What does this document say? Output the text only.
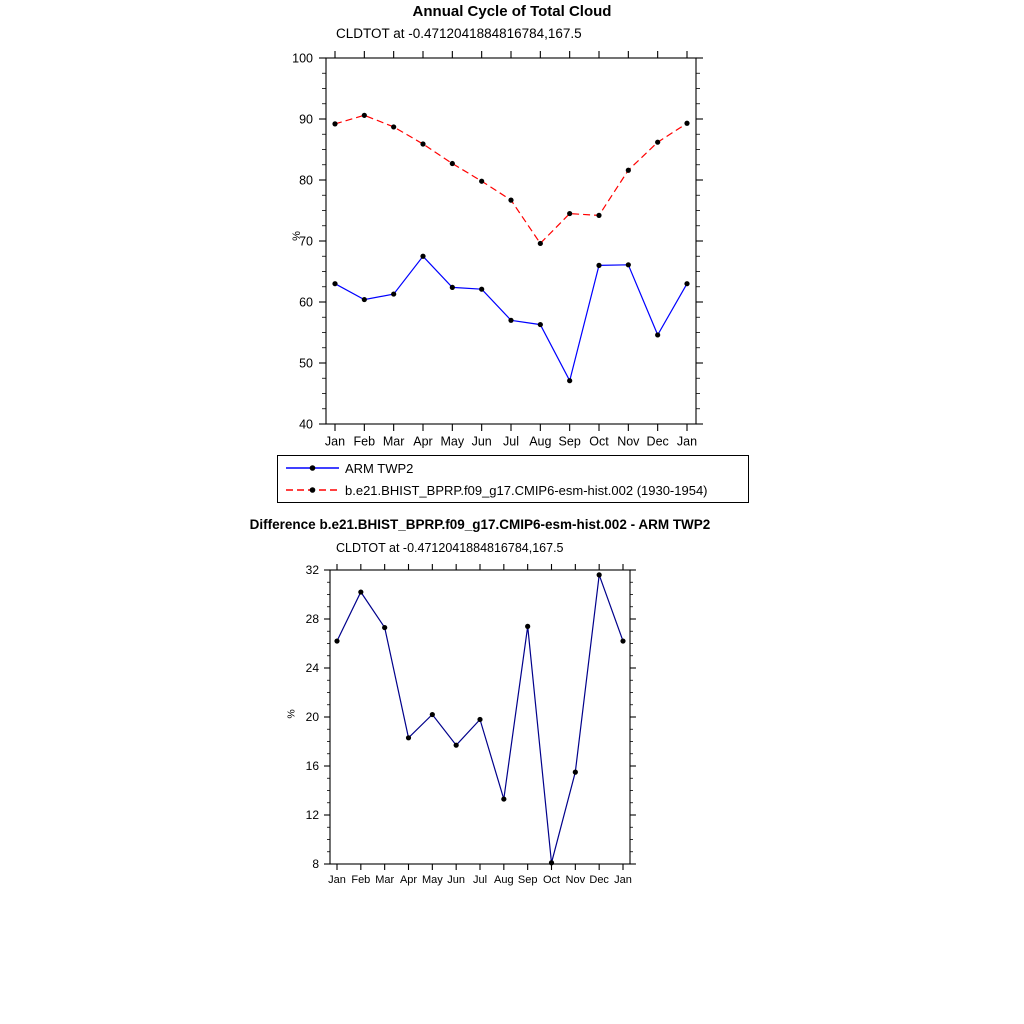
40
50
60
70
80
90
100
Jan Feb Mar Apr May Jun Jul Aug Sep Oct Nov Dec Jan
8
12
16
20
24
28
32
Jan Feb Mar Apr May Jun Jul Aug Sep Oct Nov Dec Jan
Annual Cycle of Total Cloud
CLDTOT at -0.4712041884816784,167.5
%
ARM TWP2
b.e21.BHIST_BPRP.f09_g17.CMIP6-esm-hist.002 (1930-1954)
Difference b.e21.BHIST_BPRP.f09_g17.CMIP6-esm-hist.002 - ARM TWP2
CLDTOT at -0.4712041884816784,167.5
%
